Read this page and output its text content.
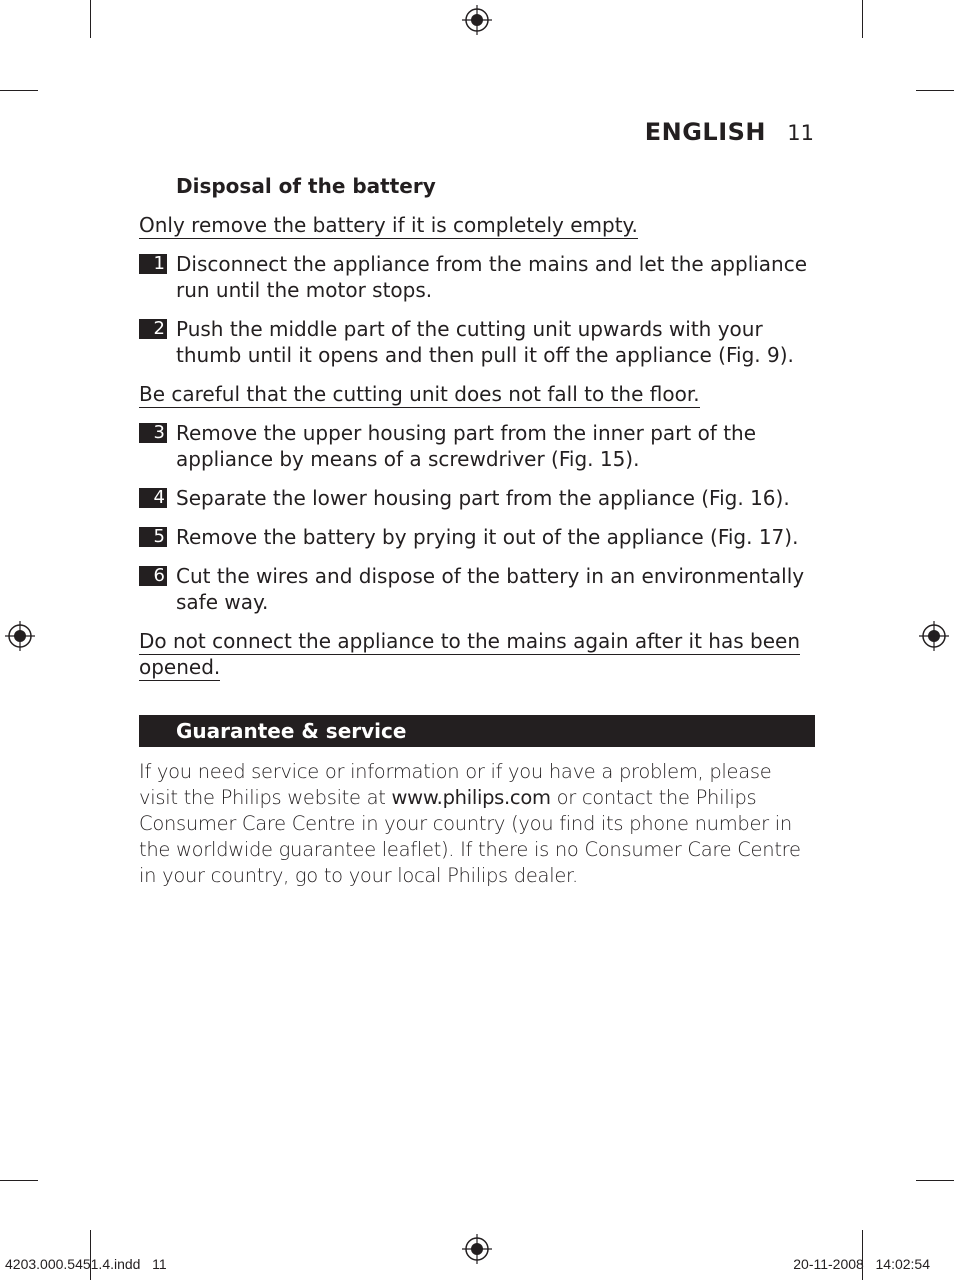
ENGLISH 11
Disposal of the battery
Only remove the battery if it is completely empty.
1 Disconnect the appliance from the mains and let the appliance run until the motor stops.
2 Push the middle part of the cutting unit upwards with your thumb until it opens and then pull it off the appliance (Fig. 9).
Be careful that the cutting unit does not fall to the floor.
3 Remove the upper housing part from the inner part of the appliance by means of a screwdriver (Fig. 15).
4 Separate the lower housing part from the appliance (Fig. 16).
5 Remove the battery by prying it out of the appliance (Fig. 17).
6 Cut the wires and dispose of the battery in an environmentally safe way.
Do not connect the appliance to the mains again after it has been opened.
Guarantee & service
If you need service or information or if you have a problem, please visit the Philips website at www.philips.com or contact the Philips Consumer Care Centre in your country (you find its phone number in the worldwide guarantee leaflet). If there is no Consumer Care Centre in your country, go to your local Philips dealer.
4203.000.5451.4.indd   11	20-11-2008   14:02:54
